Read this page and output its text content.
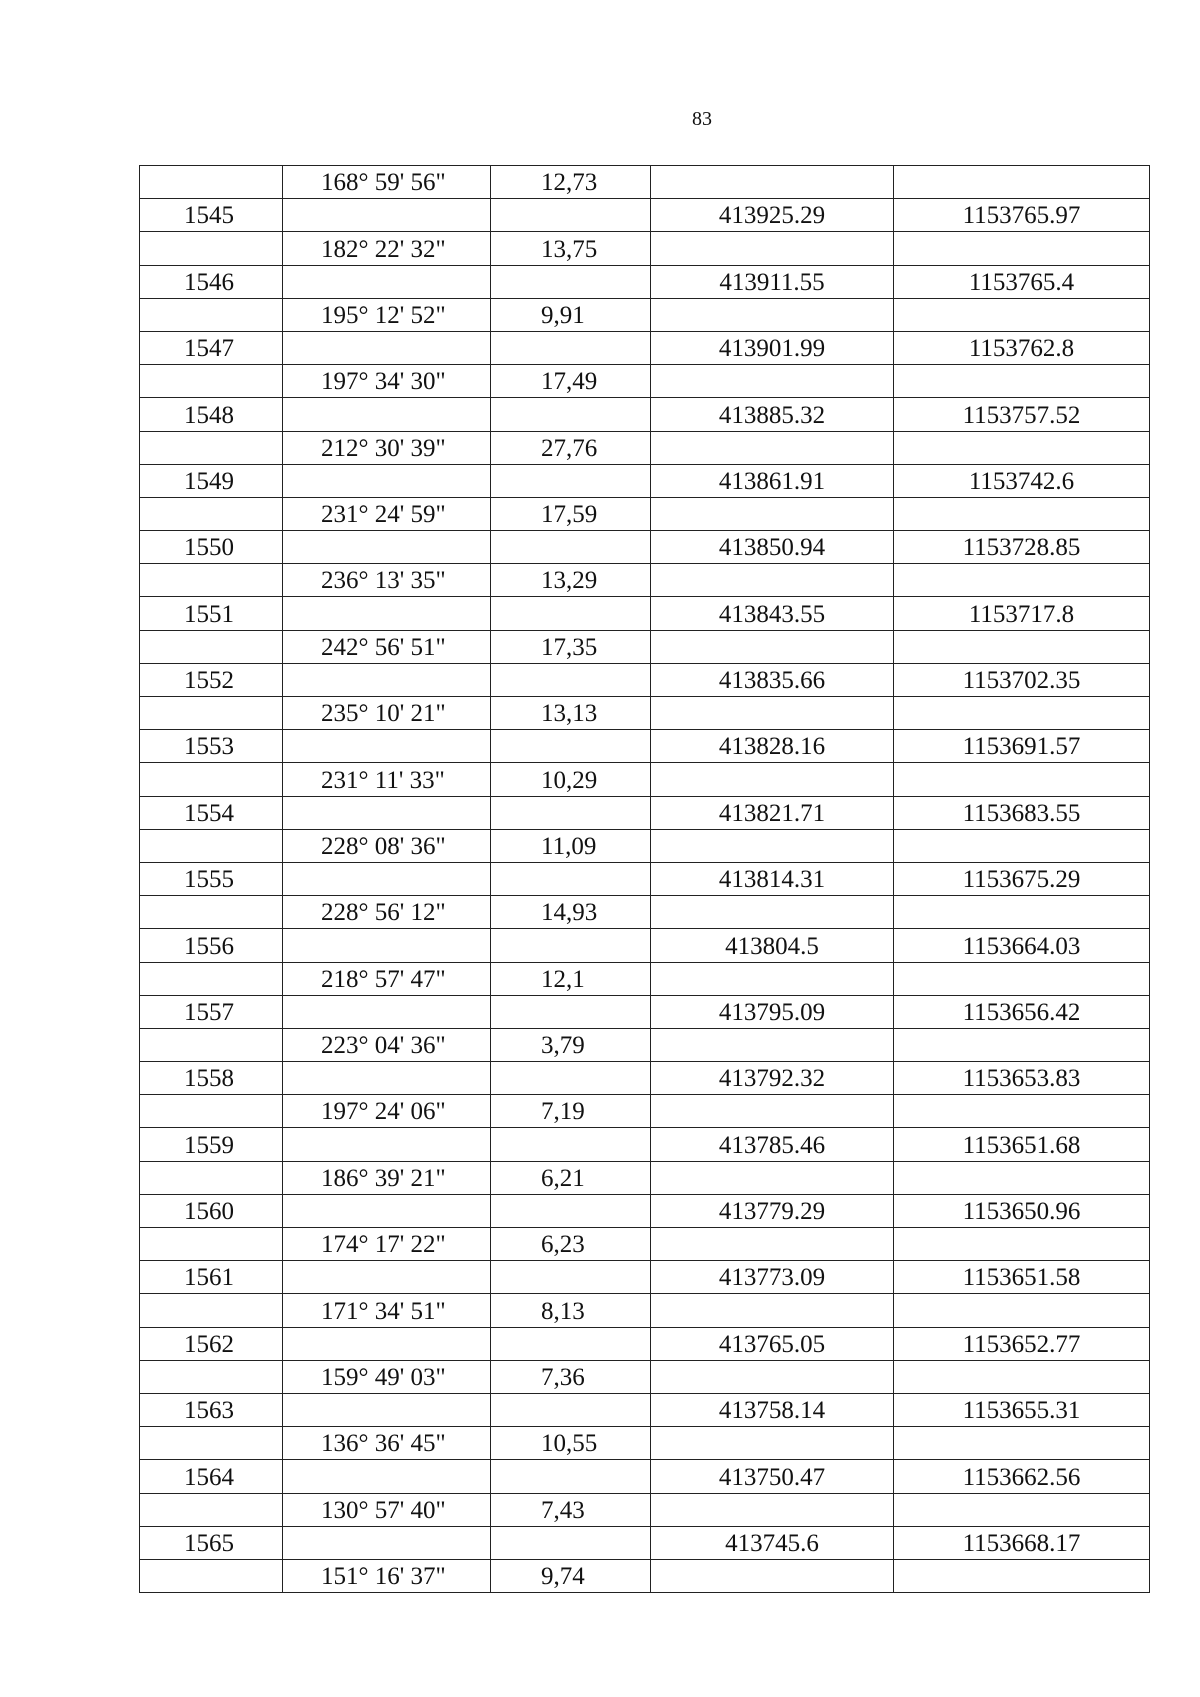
83
	168° 59' 56"	12,73		
1545			413925.29	1153765.97
	182° 22' 32"	13,75		
1546			413911.55	1153765.4
	195° 12' 52"	9,91		
1547			413901.99	1153762.8
	197° 34' 30"	17,49		
1548			413885.32	1153757.52
	212° 30' 39"	27,76		
1549			413861.91	1153742.6
	231° 24' 59"	17,59		
1550			413850.94	1153728.85
	236° 13' 35"	13,29		
1551			413843.55	1153717.8
	242° 56' 51"	17,35		
1552			413835.66	1153702.35
	235° 10' 21"	13,13		
1553			413828.16	1153691.57
	231° 11' 33"	10,29		
1554			413821.71	1153683.55
	228° 08' 36"	11,09		
1555			413814.31	1153675.29
	228° 56' 12"	14,93		
1556			413804.5	1153664.03
	218° 57' 47"	12,1		
1557			413795.09	1153656.42
	223° 04' 36"	3,79		
1558			413792.32	1153653.83
	197° 24' 06"	7,19		
1559			413785.46	1153651.68
	186° 39' 21"	6,21		
1560			413779.29	1153650.96
	174° 17' 22"	6,23		
1561			413773.09	1153651.58
	171° 34' 51"	8,13		
1562			413765.05	1153652.77
	159° 49' 03"	7,36		
1563			413758.14	1153655.31
	136° 36' 45"	10,55		
1564			413750.47	1153662.56
	130° 57' 40"	7,43		
1565			413745.6	1153668.17
	151° 16' 37"	9,74		
